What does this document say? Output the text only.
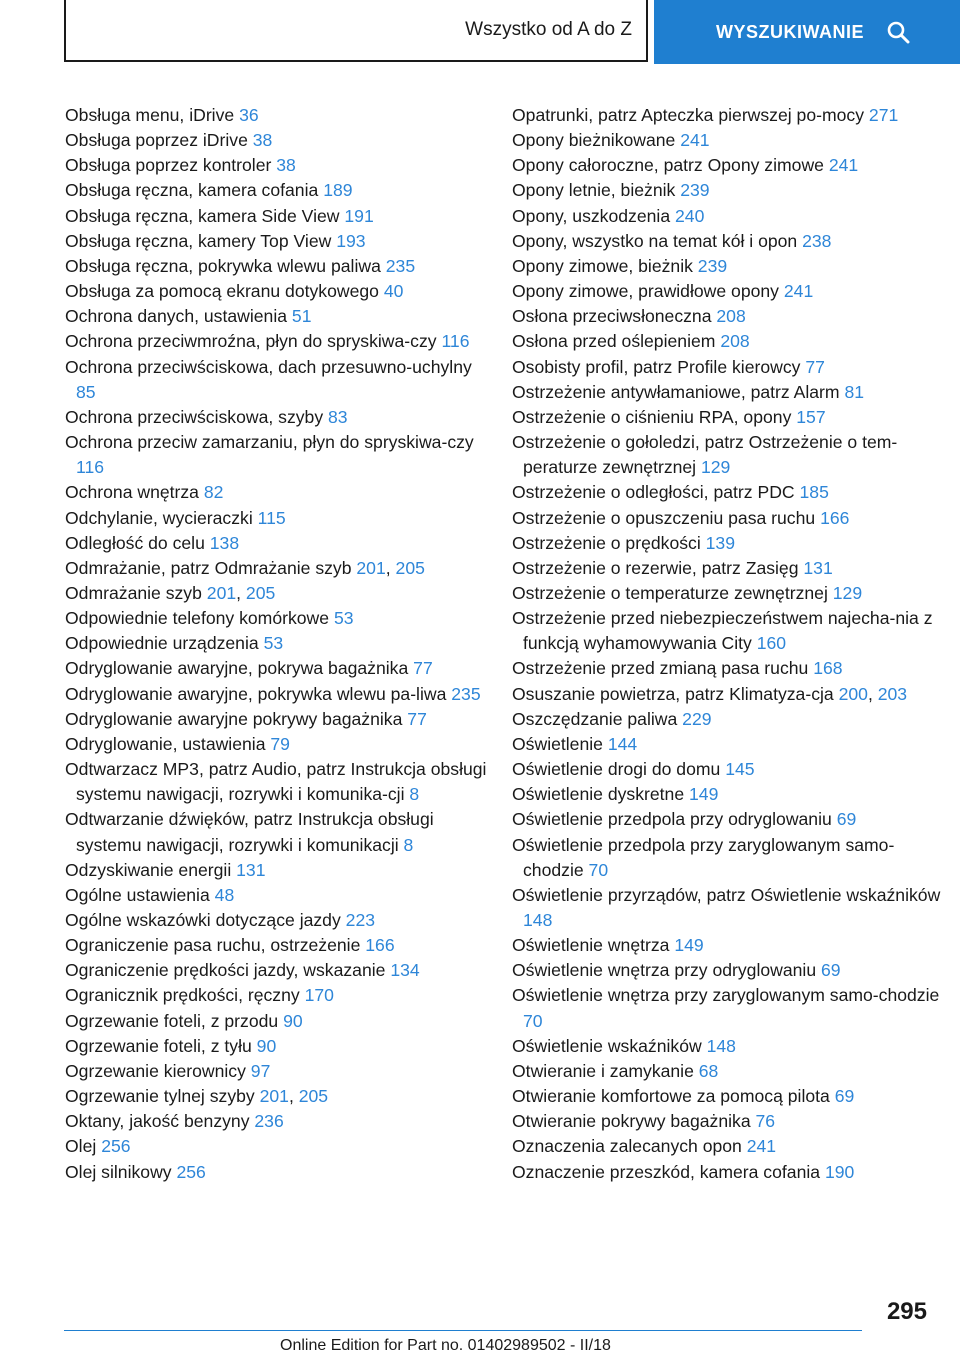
Wszystko od A do Z	WYSZUKIWANIE
Obsługa menu, iDrive 36
Obsługa poprzez iDrive 38
Obsługa poprzez kontroler 38
Obsługa ręczna, kamera cofania 189
Obsługa ręczna, kamera Side View 191
Obsługa ręczna, kamery Top View 193
Obsługa ręczna, pokrywka wlewu paliwa 235
Obsługa za pomocą ekranu dotykowego 40
Ochrona danych, ustawienia 51
Ochrona przeciwmroźna, płyn do spryskiwa‐czy 116
Ochrona przeciwściskowa, dach przesuwno‐uchylny 85
Ochrona przeciwściskowa, szyby 83
Ochrona przeciw zamarzaniu, płyn do spryskiwa‐czy 116
Ochrona wnętrza 82
Odchylanie, wycieraczki 115
Odległość do celu 138
Odmrażanie, patrz Odmrażanie szyb 201, 205
Odmrażanie szyb 201, 205
Odpowiednie telefony komórkowe 53
Odpowiednie urządzenia 53
Odryglowanie awaryjne, pokrywa bagażnika 77
Odryglowanie awaryjne, pokrywka wlewu pa‐liwa 235
Odryglowanie awaryjne pokrywy bagażnika 77
Odryglowanie, ustawienia 79
Odtwarzacz MP3, patrz Audio, patrz Instrukcja obsługi systemu nawigacji, rozrywki i komunika‐cji 8
Odtwarzanie dźwięków, patrz Instrukcja obsługi systemu nawigacji, rozrywki i komunikacji 8
Odzyskiwanie energii 131
Ogólne ustawienia 48
Ogólne wskazówki dotyczące jazdy 223
Ograniczenie pasa ruchu, ostrzeżenie 166
Ograniczenie prędkości jazdy, wskazanie 134
Ogranicznik prędkości, ręczny 170
Ogrzewanie foteli, z przodu 90
Ogrzewanie foteli, z tyłu 90
Ogrzewanie kierownicy 97
Ogrzewanie tylnej szyby 201, 205
Oktany, jakość benzyny 236
Olej 256
Olej silnikowy 256
Opatrunki, patrz Apteczka pierwszej po‐mocy 271
Opony bieżnikowane 241
Opony całoroczne, patrz Opony zimowe 241
Opony letnie, bieżnik 239
Opony, uszkodzenia 240
Opony, wszystko na temat kół i opon 238
Opony zimowe, bieżnik 239
Opony zimowe, prawidłowe opony 241
Osłona przeciwsłoneczna 208
Osłona przed oślepieniem 208
Osobisty profil, patrz Profile kierowcy 77
Ostrzeżenie antywłamaniowe, patrz Alarm 81
Ostrzeżenie o ciśnieniu RPA, opony 157
Ostrzeżenie o gołoledzi, patrz Ostrzeżenie o tem‐peraturze zewnętrznej 129
Ostrzeżenie o odległości, patrz PDC 185
Ostrzeżenie o opuszczeniu pasa ruchu 166
Ostrzeżenie o prędkości 139
Ostrzeżenie o rezerwie, patrz Zasięg 131
Ostrzeżenie o temperaturze zewnętrznej 129
Ostrzeżenie przed niebezpieczeństwem najecha‐nia z funkcją wyhamowywania City 160
Ostrzeżenie przed zmianą pasa ruchu 168
Osuszanie powietrza, patrz Klimatyza‐cja 200, 203
Oszczędzanie paliwa 229
Oświetlenie 144
Oświetlenie drogi do domu 145
Oświetlenie dyskretne 149
Oświetlenie przedpola przy odryglowaniu 69
Oświetlenie przedpola przy zaryglowanym samo‐chodzie 70
Oświetlenie przyrządów, patrz Oświetlenie wskaźników 148
Oświetlenie wnętrza 149
Oświetlenie wnętrza przy odryglowaniu 69
Oświetlenie wnętrza przy zaryglowanym samo‐chodzie 70
Oświetlenie wskaźników 148
Otwieranie i zamykanie 68
Otwieranie komfortowe za pomocą pilota 69
Otwieranie pokrywy bagażnika 76
Oznaczenia zalecanych opon 241
Oznaczenie przeszkód, kamera cofania 190
295
Online Edition for Part no. 01402989502 - II/18
